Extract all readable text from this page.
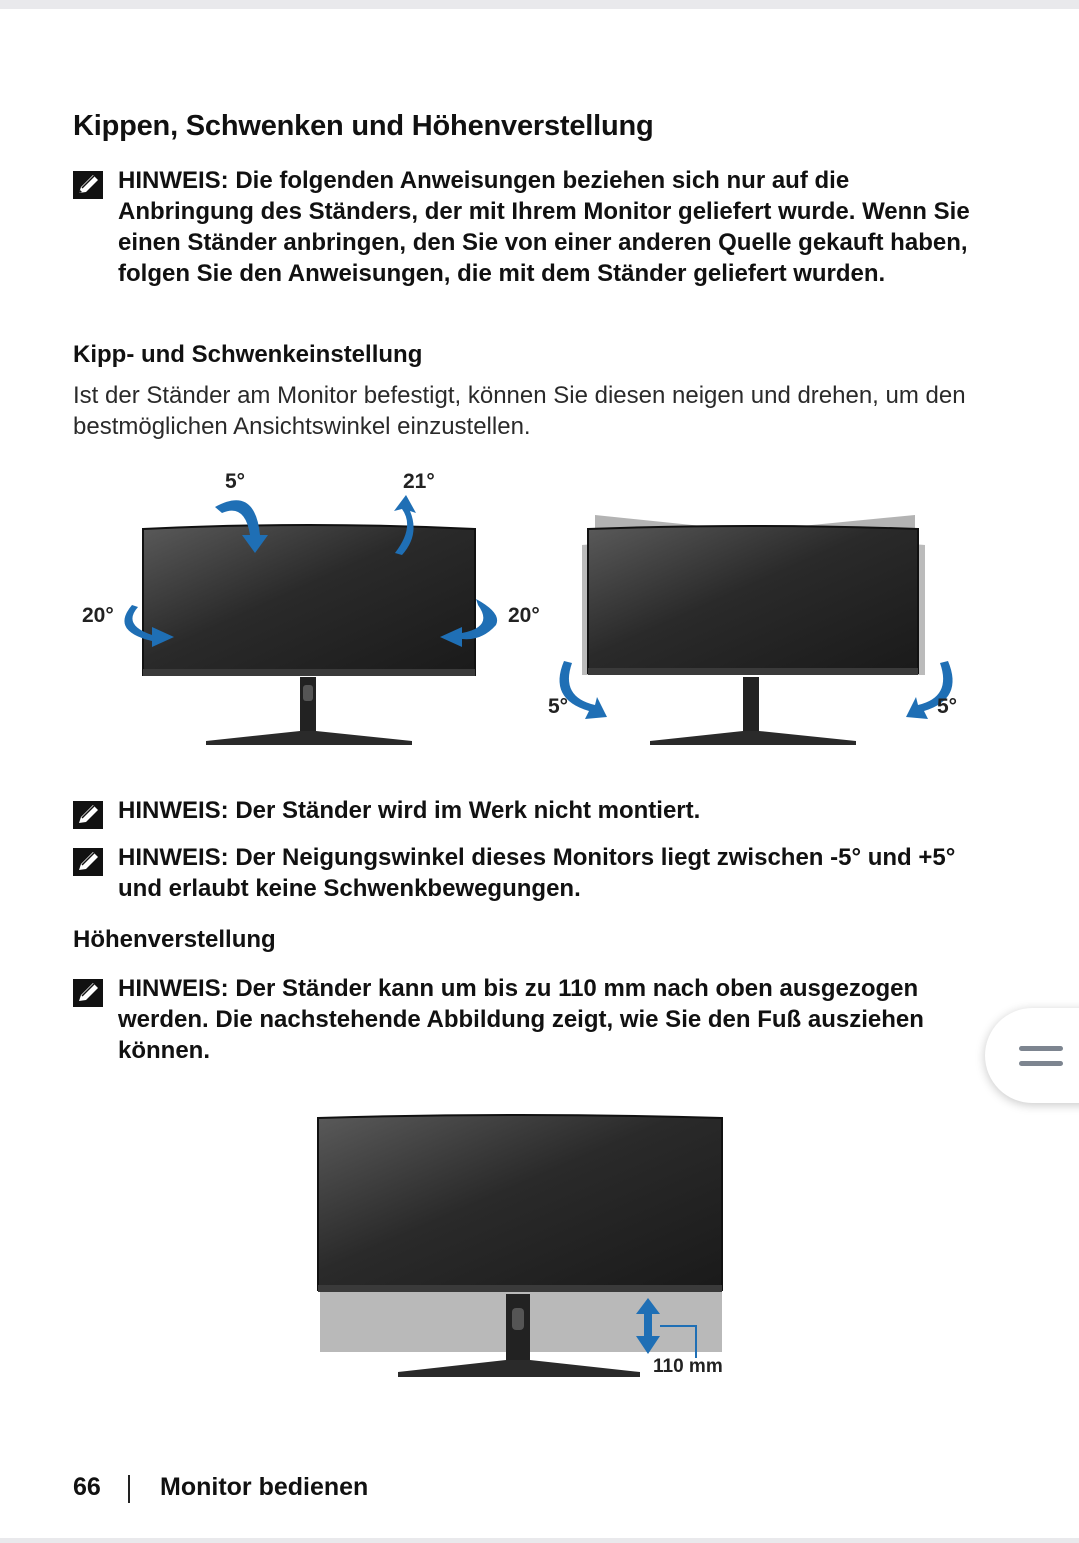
Kippen, Schwenken und Höhenverstellung
HINWEIS: Die folgenden Anweisungen beziehen sich nur auf die Anbringung des Ständers, der mit Ihrem Monitor geliefert wurde. Wenn Sie einen Ständer anbringen, den Sie von einer anderen Quelle gekauft haben, folgen Sie den Anweisungen, die mit dem Ständer geliefert wurden.
Kipp- und Schwenkeinstellung
Ist der Ständer am Monitor befestigt, können Sie diesen neigen und drehen, um den bestmöglichen Ansichtswinkel einzustellen.
5°	21°
20°	20°
5°	5°
HINWEIS: Der Ständer wird im Werk nicht montiert.
HINWEIS: Der Neigungswinkel dieses Monitors liegt zwischen -5° und +5° und erlaubt keine Schwenkbewegungen.
Höhenverstellung
HINWEIS: Der Ständer kann um bis zu 110 mm nach oben ausgezogen werden. Die nachstehende Abbildung zeigt, wie Sie den Fuß ausziehen können.
110 mm
66 Monitor bedienen
